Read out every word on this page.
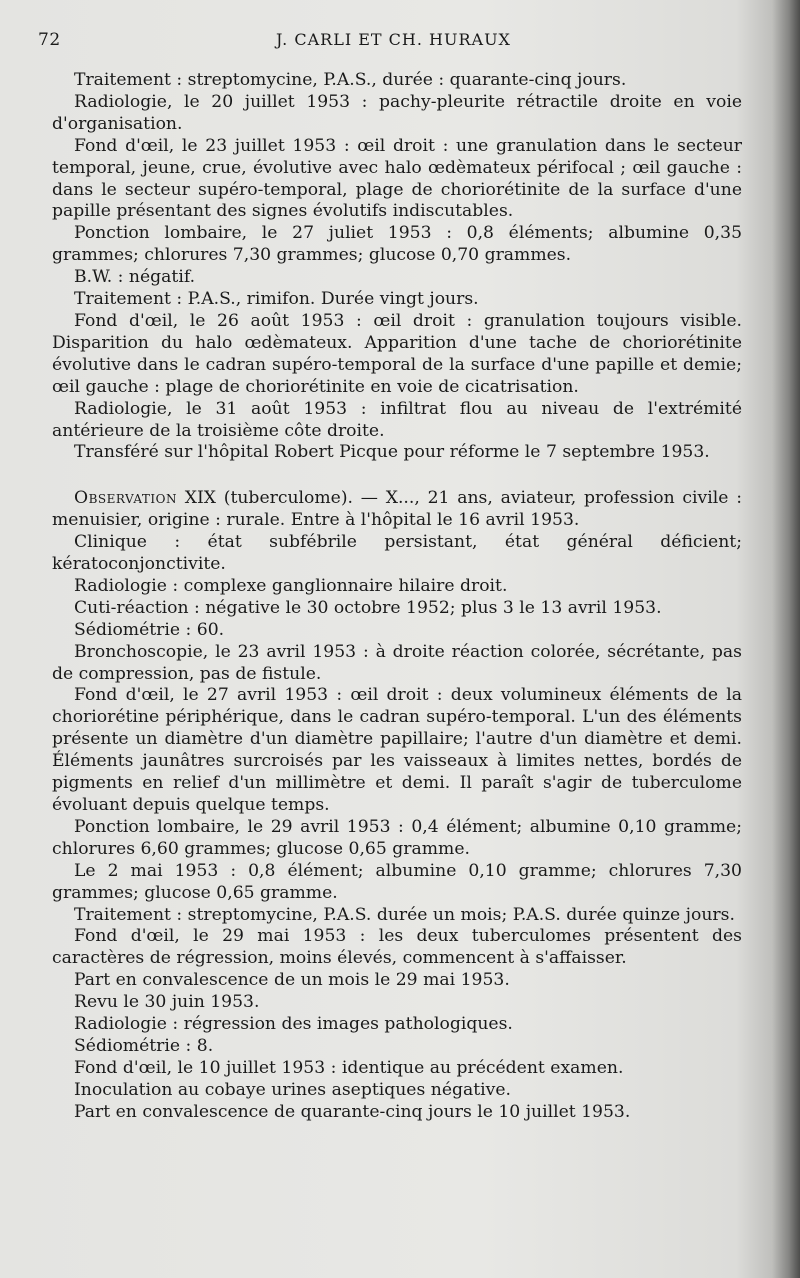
72	J. CARLI ET CH. HURAUX

Traitement : streptomycine, P.A.S., durée : quarante-cinq jours.

Radiologie, le 20 juillet 1953 : pachy-pleurite rétractile droite en voie d'organisation.

Fond d'œil, le 23 juillet 1953 : œil droit : une granulation dans le secteur temporal, jeune, crue, évolutive avec halo œdèmateux périfocal ; œil gauche : dans le secteur supéro-temporal, plage de choriorétinite de la surface d'une papille présentant des signes évolutifs indiscutables.

Ponction lombaire, le 27 juliet 1953 : 0,8 éléments; albumine 0,35 grammes; chlorures 7,30 grammes; glucose 0,70 grammes.

B.W. : négatif.

Traitement : P.A.S., rimifon. Durée vingt jours.

Fond d'œil, le 26 août 1953 : œil droit : granulation toujours visible. Disparition du halo œdèmateux. Apparition d'une tache de choriorétinite évolutive dans le cadran supéro-temporal de la surface d'une papille et demie; œil gauche : plage de choriorétinite en voie de cicatrisation.

Radiologie, le 31 août 1953 : infiltrat flou au niveau de l'extrémité antérieure de la troisième côte droite.

Transféré sur l'hôpital Robert Picque pour réforme le 7 septembre 1953.

Observation XIX (tuberculome). — X..., 21 ans, aviateur, profession civile : menuisier, origine : rurale. Entre à l'hôpital le 16 avril 1953.

Clinique : état subfébrile persistant, état général déficient; kératoconjonctivite.

Radiologie : complexe ganglionnaire hilaire droit.

Cuti-réaction : négative le 30 octobre 1952; plus 3 le 13 avril 1953.

Sédiométrie : 60.

Bronchoscopie, le 23 avril 1953 : à droite réaction colorée, sécrétante, pas de compression, pas de fistule.

Fond d'œil, le 27 avril 1953 : œil droit : deux volumineux éléments de la choriorétine périphérique, dans le cadran supéro-temporal. L'un des éléments présente un diamètre d'un diamètre papillaire; l'autre d'un diamètre et demi. Éléments jaunâtres surcroisés par les vaisseaux à limites nettes, bordés de pigments en relief d'un millimètre et demi. Il paraît s'agir de tuberculome évoluant depuis quelque temps.

Ponction lombaire, le 29 avril 1953 : 0,4 élément; albumine 0,10 gramme; chlorures 6,60 grammes; glucose 0,65 gramme.

Le 2 mai 1953 : 0,8 élément; albumine 0,10 gramme; chlorures 7,30 grammes; glucose 0,65 gramme.

Traitement : streptomycine, P.A.S. durée un mois; P.A.S. durée quinze jours.

Fond d'œil, le 29 mai 1953 : les deux tuberculomes présentent des caractères de régression, moins élevés, commencent à s'affaisser.

Part en convalescence de un mois le 29 mai 1953.

Revu le 30 juin 1953.

Radiologie : régression des images pathologiques.

Sédiométrie : 8.

Fond d'œil, le 10 juillet 1953 : identique au précédent examen.

Inoculation au cobaye urines aseptiques négative.

Part en convalescence de quarante-cinq jours le 10 juillet 1953.
